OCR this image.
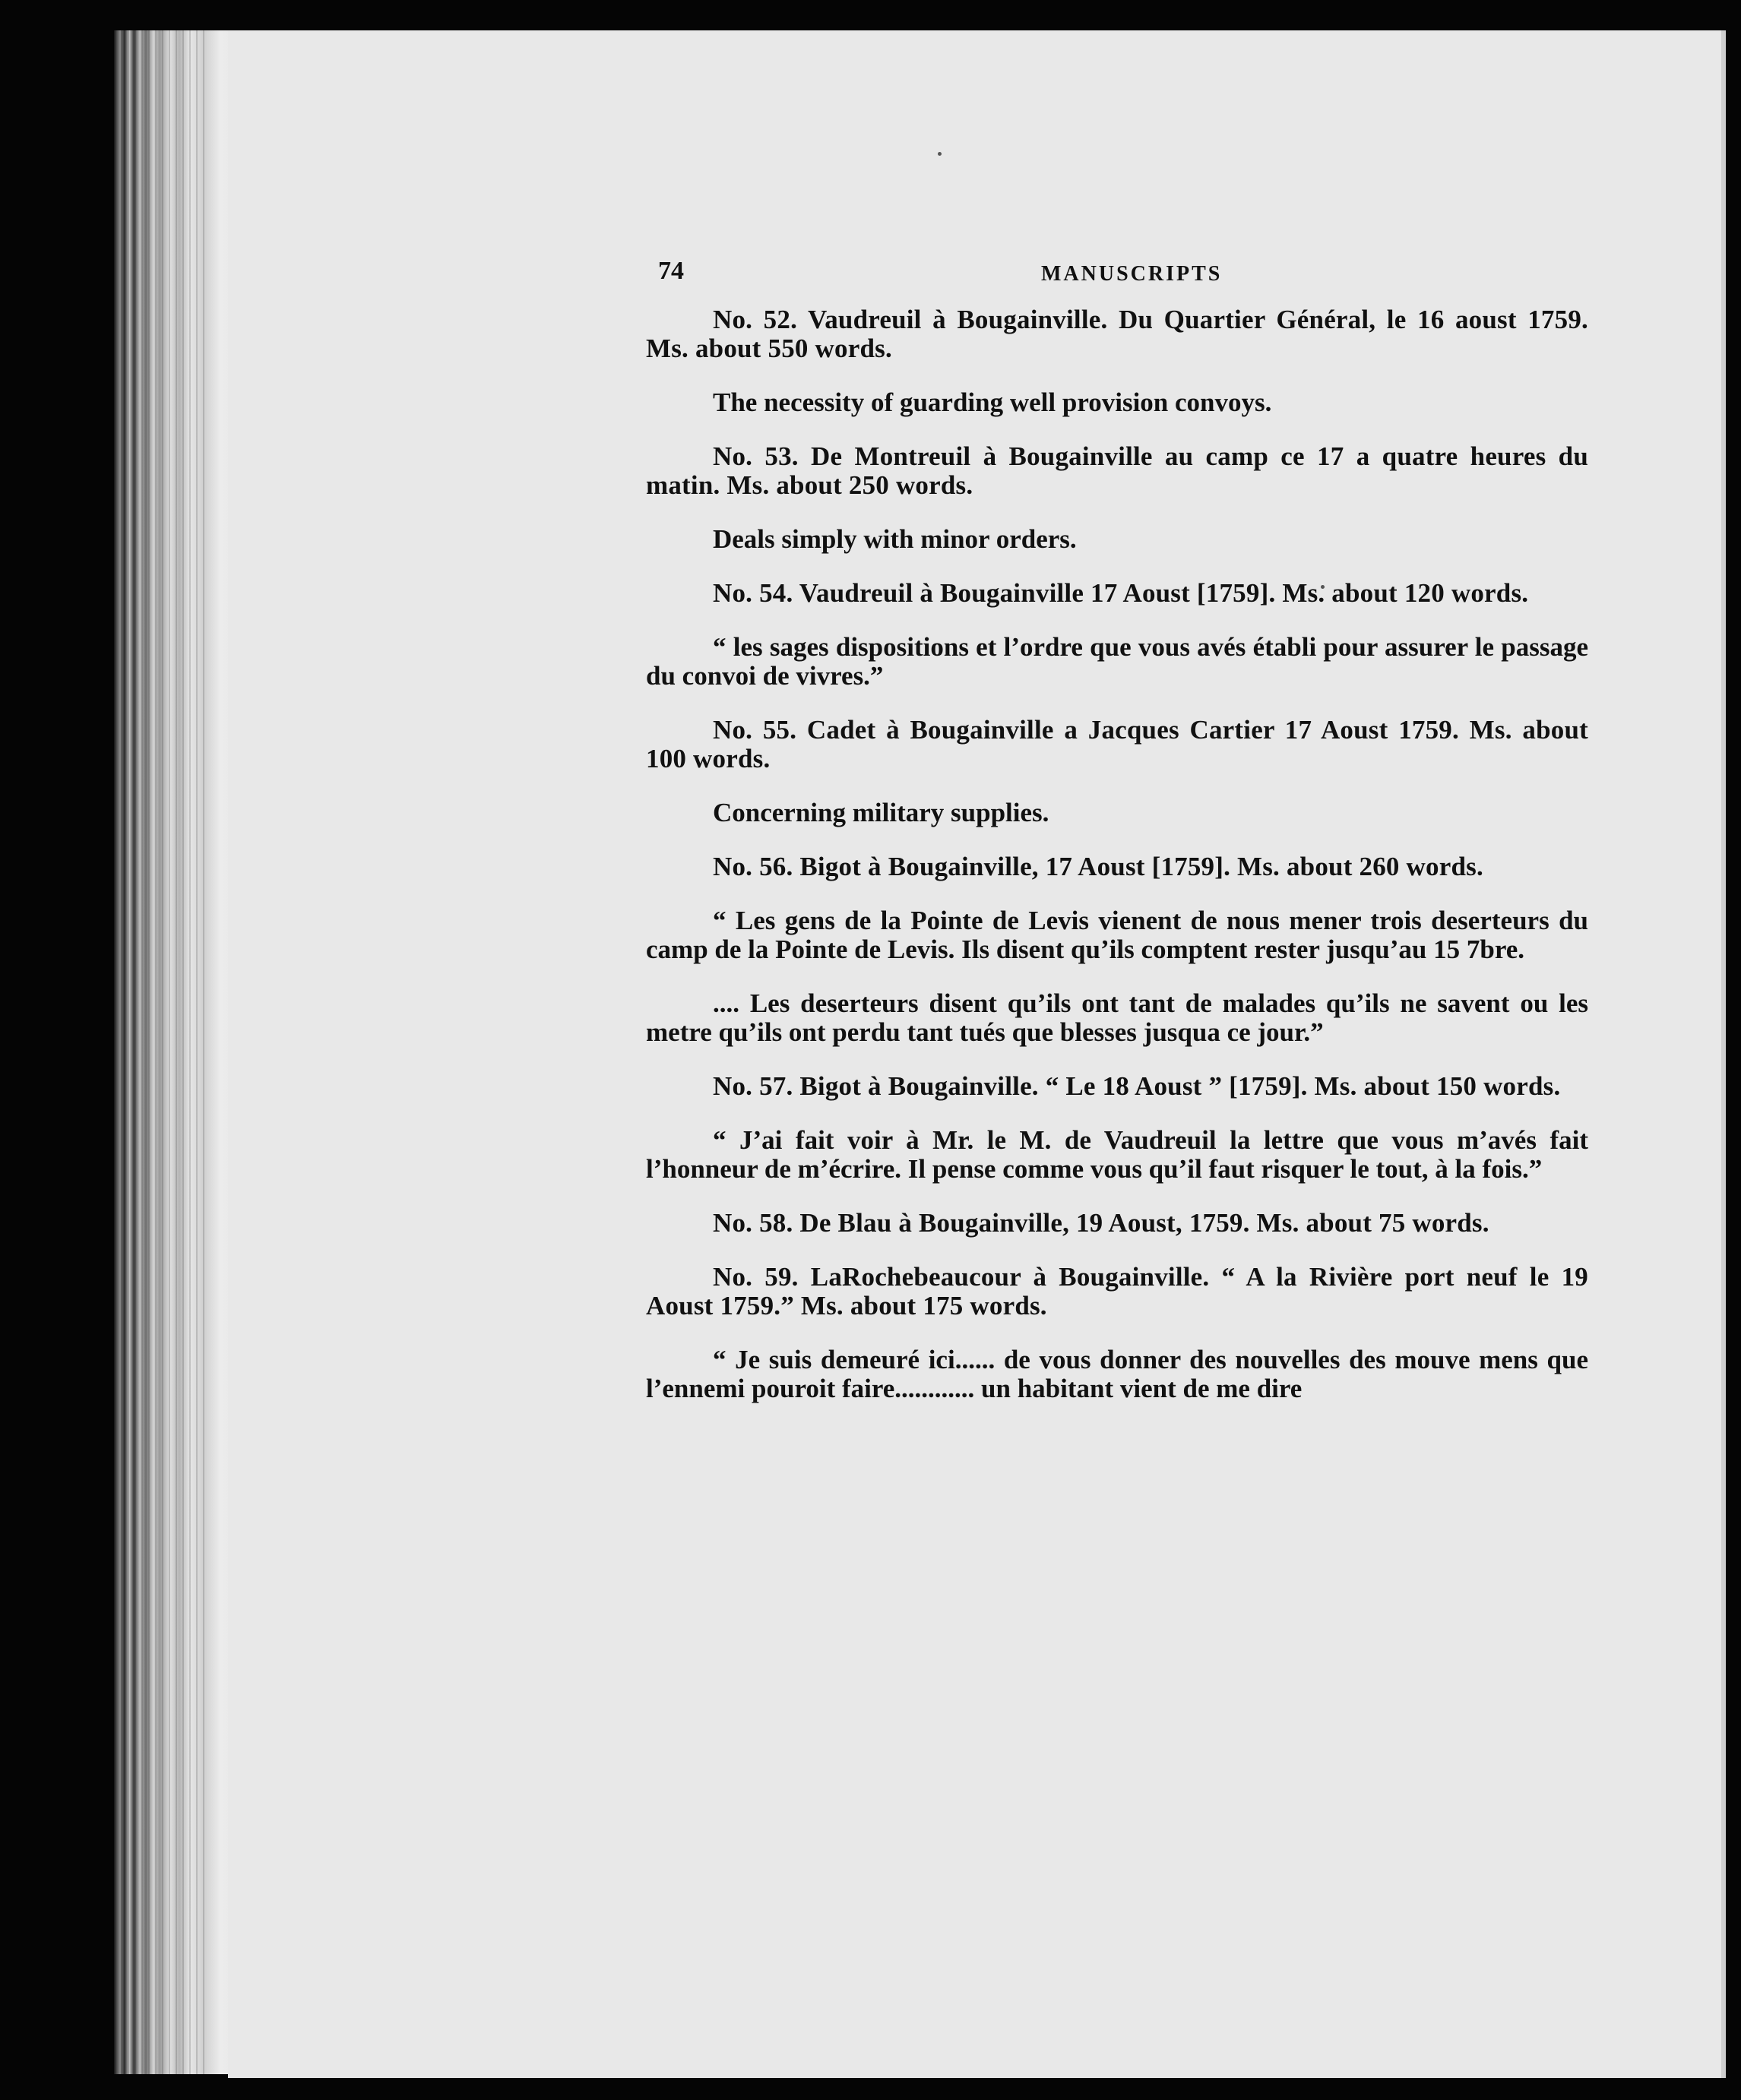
74	MANUSCRIPTS

No. 52. Vaudreuil à Bougainville. Du Quartier Général, le 16 aoust 1759. Ms. about 550 words.

The necessity of guarding well provision convoys.

No. 53. De Montreuil à Bougainville au camp ce 17 a quatre heures du matin. Ms. about 250 words.

Deals simply with minor orders.

No. 54. Vaudreuil à Bougainville 17 Aoust [1759]. Ms. about 120 words.

“ les sages dispositions et l’ordre que vous avés établi pour assurer le passage du convoi de vivres.”

No. 55. Cadet à Bougainville a Jacques Cartier 17 Aoust 1759. Ms. about 100 words.

Concerning military supplies.

No. 56. Bigot à Bougainville, 17 Aoust [1759]. Ms. about 260 words.

“ Les gens de la Pointe de Levis vienent de nous mener trois deserteurs du camp de la Pointe de Levis. Ils disent qu’ils comptent rester jusqu’au 15 7bre.

.... Les deserteurs disent qu’ils ont tant de malades qu’ils ne savent ou les metre qu’ils ont perdu tant tués que blesses jusqua ce jour.”

No. 57. Bigot à Bougainville. “ Le 18 Aoust ” [1759]. Ms. about 150 words.

“ J’ai fait voir à Mr. le M. de Vaudreuil la lettre que vous m’avés fait l’honneur de m’écrire. Il pense comme vous qu’il faut risquer le tout, à la fois.”

No. 58. De Blau à Bougainville, 19 Aoust, 1759. Ms. about 75 words.

No. 59. LaRochebeaucour à Bougainville. “ A la Rivière port neuf le 19 Aoust 1759.” Ms. about 175 words.

“ Je suis demeuré ici...... de vous donner des nouvelles des mouve mens que l’ennemi pouroit faire............ un habitant vient de me dire
